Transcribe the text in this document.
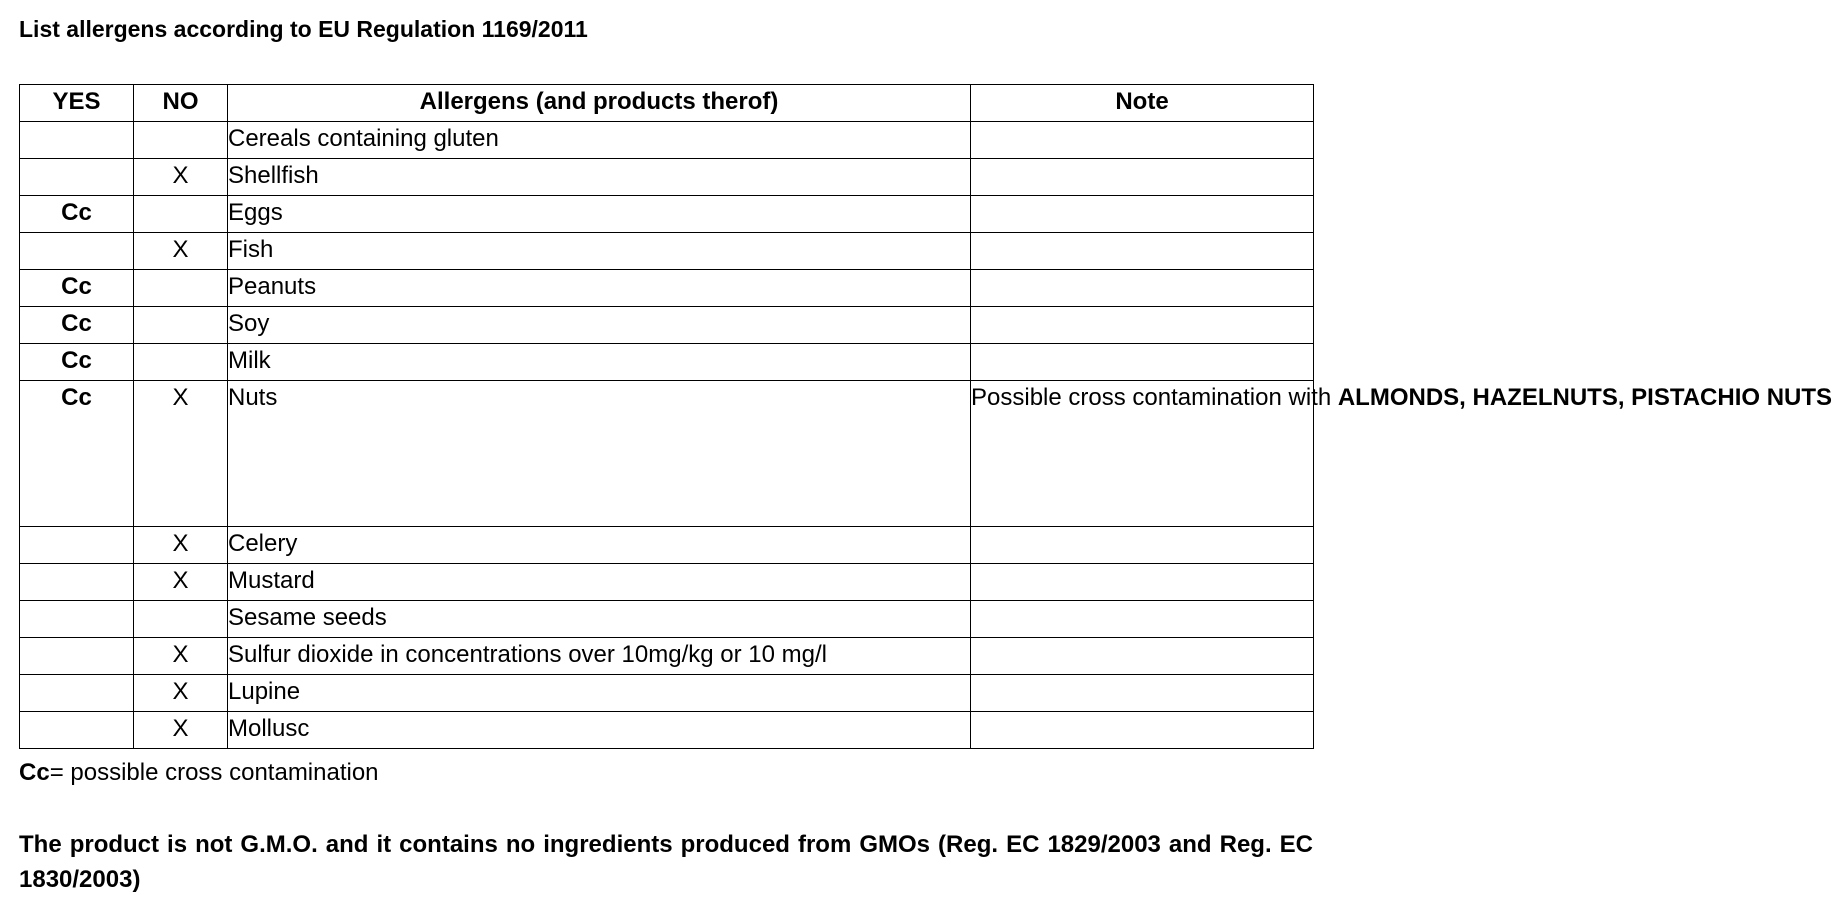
List allergens according to EU Regulation 1169/2011
YES	NO	Allergens (and products therof)	Note
		Cereals containing gluten	
	X	Shellfish	
Cc		Eggs	
	X	Fish	
Cc		Peanuts	
Cc		Soy	
Cc		Milk	
Cc	X	Nuts	Possible cross contamination with ALMONDS, HAZELNUTS, PISTACHIO NUTS
	X	Celery	
	X	Mustard	
		Sesame seeds	
	X	Sulfur dioxide in concentrations over 10mg/kg or 10 mg/l	
	X	Lupine	
	X	Mollusc	
Cc= possible cross contamination
The product is not G.M.O. and it contains no ingredients produced from GMOs (Reg. EC 1829/2003 and Reg. EC 1830/2003)
